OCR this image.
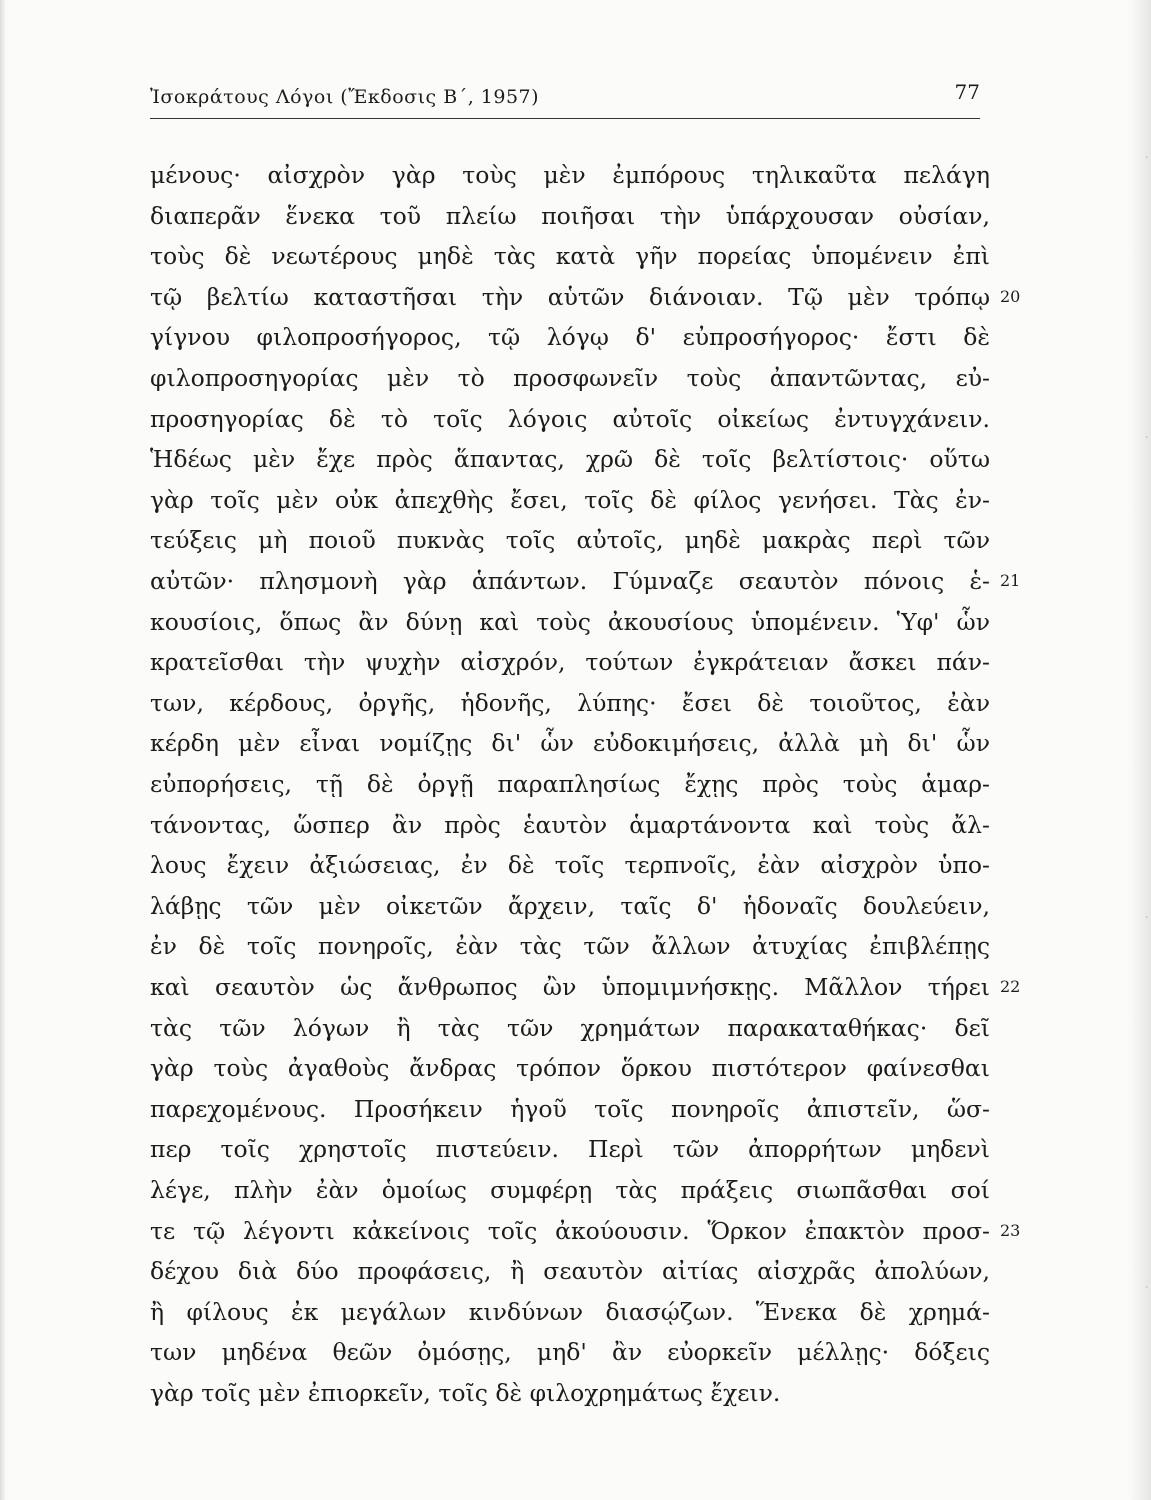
·
·
·
·
Ἰσοκράτους Λόγοι (Ἔκδοσις Β΄, 1957)	77
μένους· αἰσχρὸν γὰρ τοὺς μὲν ἐμπόρους τηλικαῦτα πελάγη
διαπερᾶν ἕνεκα τοῦ πλείω ποιῆσαι τὴν ὑπάρχουσαν οὐσίαν,
τοὺς δὲ νεωτέρους μηδὲ τὰς κατὰ γῆν πορείας ὑπομένειν ἐπὶ
τῷ βελτίω καταστῆσαι τὴν αὑτῶν διάνοιαν. Τῷ μὲν τρόπῳ
γίγνου φιλοπροσήγορος, τῷ λόγῳ δ' εὐπροσήγορος· ἔστι δὲ
φιλοπροσηγορίας μὲν τὸ προσφωνεῖν τοὺς ἀπαντῶντας, εὐ-
προσηγορίας δὲ τὸ τοῖς λόγοις αὐτοῖς οἰκείως ἐντυγχάνειν.
Ἡδέως μὲν ἔχε πρὸς ἅπαντας, χρῶ δὲ τοῖς βελτίστοις· οὕτω
γὰρ τοῖς μὲν οὐκ ἀπεχθὴς ἔσει, τοῖς δὲ φίλος γενήσει. Τὰς ἐν-
τεύξεις μὴ ποιοῦ πυκνὰς τοῖς αὐτοῖς, μηδὲ μακρὰς περὶ τῶν
αὐτῶν· πλησμονὴ γὰρ ἁπάντων. Γύμναζε σεαυτὸν πόνοις ἑ-
κουσίοις, ὅπως ἂν δύνῃ καὶ τοὺς ἀκουσίους ὑπομένειν. Ὑφ' ὧν
κρατεῖσθαι τὴν ψυχὴν αἰσχρόν, τούτων ἐγκράτειαν ἄσκει πάν-
των, κέρδους, ὀργῆς, ἡδονῆς, λύπης· ἔσει δὲ τοιοῦτος, ἐὰν
κέρδη μὲν εἶναι νομίζῃς δι' ὧν εὐδοκιμήσεις, ἀλλὰ μὴ δι' ὧν
εὐπορήσεις, τῇ δὲ ὀργῇ παραπλησίως ἔχῃς πρὸς τοὺς ἁμαρ-
τάνοντας, ὥσπερ ἂν πρὸς ἑαυτὸν ἁμαρτάνοντα καὶ τοὺς ἄλ-
λους ἔχειν ἀξιώσειας, ἐν δὲ τοῖς τερπνοῖς, ἐὰν αἰσχρὸν ὑπο-
λάβῃς τῶν μὲν οἰκετῶν ἄρχειν, ταῖς δ' ἡδοναῖς δουλεύειν,
ἐν δὲ τοῖς πονηροῖς, ἐὰν τὰς τῶν ἄλλων ἀτυχίας ἐπιβλέπῃς
καὶ σεαυτὸν ὡς ἄνθρωπος ὢν ὑπομιμνήσκῃς. Μᾶλλον τήρει
τὰς τῶν λόγων ἢ τὰς τῶν χρημάτων παρακαταθήκας· δεῖ
γὰρ τοὺς ἀγαθοὺς ἄνδρας τρόπον ὅρκου πιστότερον φαίνεσθαι
παρεχομένους. Προσήκειν ἡγοῦ τοῖς πονηροῖς ἀπιστεῖν, ὥσ-
περ τοῖς χρηστοῖς πιστεύειν. Περὶ τῶν ἀπορρήτων μηδενὶ
λέγε, πλὴν ἐὰν ὁμοίως συμφέρῃ τὰς πράξεις σιωπᾶσθαι σοί
τε τῷ λέγοντι κἀκείνοις τοῖς ἀκούουσιν. Ὅρκον ἐπακτὸν προσ-
δέχου διὰ δύο προφάσεις, ἢ σεαυτὸν αἰτίας αἰσχρᾶς ἀπολύων,
ἢ φίλους ἐκ μεγάλων κινδύνων διασῴζων. Ἕνεκα δὲ χρημά-
των μηδένα θεῶν ὀμόσῃς, μηδ' ἂν εὐορκεῖν μέλλῃς· δόξεις
γὰρ τοῖς μὲν ἐπιορκεῖν, τοῖς δὲ φιλοχρημάτως ἔχειν.
20
21
22
23
